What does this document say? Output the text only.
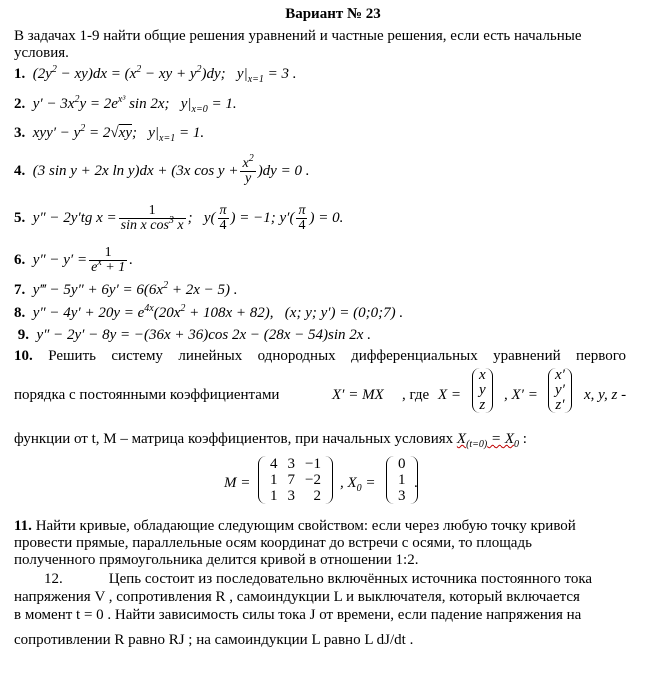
Вариант № 23
В задачах 1-9 найти общие решения уравнений и частные решения, если есть начальные
условия.
1. $(2y^2 - xy)dx = (x^2$ − xy + $y^2)dy$; $y|_{x=1} = 3$ .
2. $y' - 3x^2y = 2e^{x^3}$ sin 2x; $y|_{x=0} = 1$.
3. $xyy' - y^2 = 2√xy$; $y|_{x=1} = 1$.
4. (3 sin y + 2x ln y)dx + (3x $\cos y + \frac{x^2}{y} )dy = 0$ .
5. y″ − 2y′tg $x = \frac{1}{\sin x \cos^3 x}$ ; $y( \frac{\pi}{4}$ ) = −1; $y'( \frac{\pi}{4}$ ) = 0.
6. $y'' - y' = \frac{1}{e^x + 1}$ .
7. y‴ − $5y'' + 6y' = 6(6x^2 + 2x - 5)$ .
8. $y'' - 4y' + 20y = e^{4x}(20x^2 + 108x + 82)$, (x; y; y′) = (0;0;7) .
9. y″ − 2y′ − 8y = −(36x + 36)cos 2x − (28x − 54)sin 2x .
10. Решить систему линейных однородных дифференциальных уравнений первого
порядка с постоянными коэффициентами	X′ = MX , где X =
x
y
z
, X′ =
x′
y′
z′
x, y, z -
функции от t, M – матрица коэффициентов, при начальных условиях $X_{(t=0)} = X_0$ :
M =
4	3	−1
1	7	−2
1	3	2
, $X_0$ =
0
1
3
.
11. Найти кривые, обладающие следующим свойством: если через любую точку кривой
провести прямые, параллельные осям координат до встречи с осями, то площадь
полученного прямоугольника делится кривой в отношении 1:2.
12.	Цепь состоит из последовательно включённых источника постоянного тока
напряжения V , сопротивления R , самоиндукции L и выключателя, который включается
в момент t = 0 . Найти зависимость силы тока J от времени, если падение напряжения на
сопротивлении R равно RJ ; на самоиндукции L равно L dJ/dt .
